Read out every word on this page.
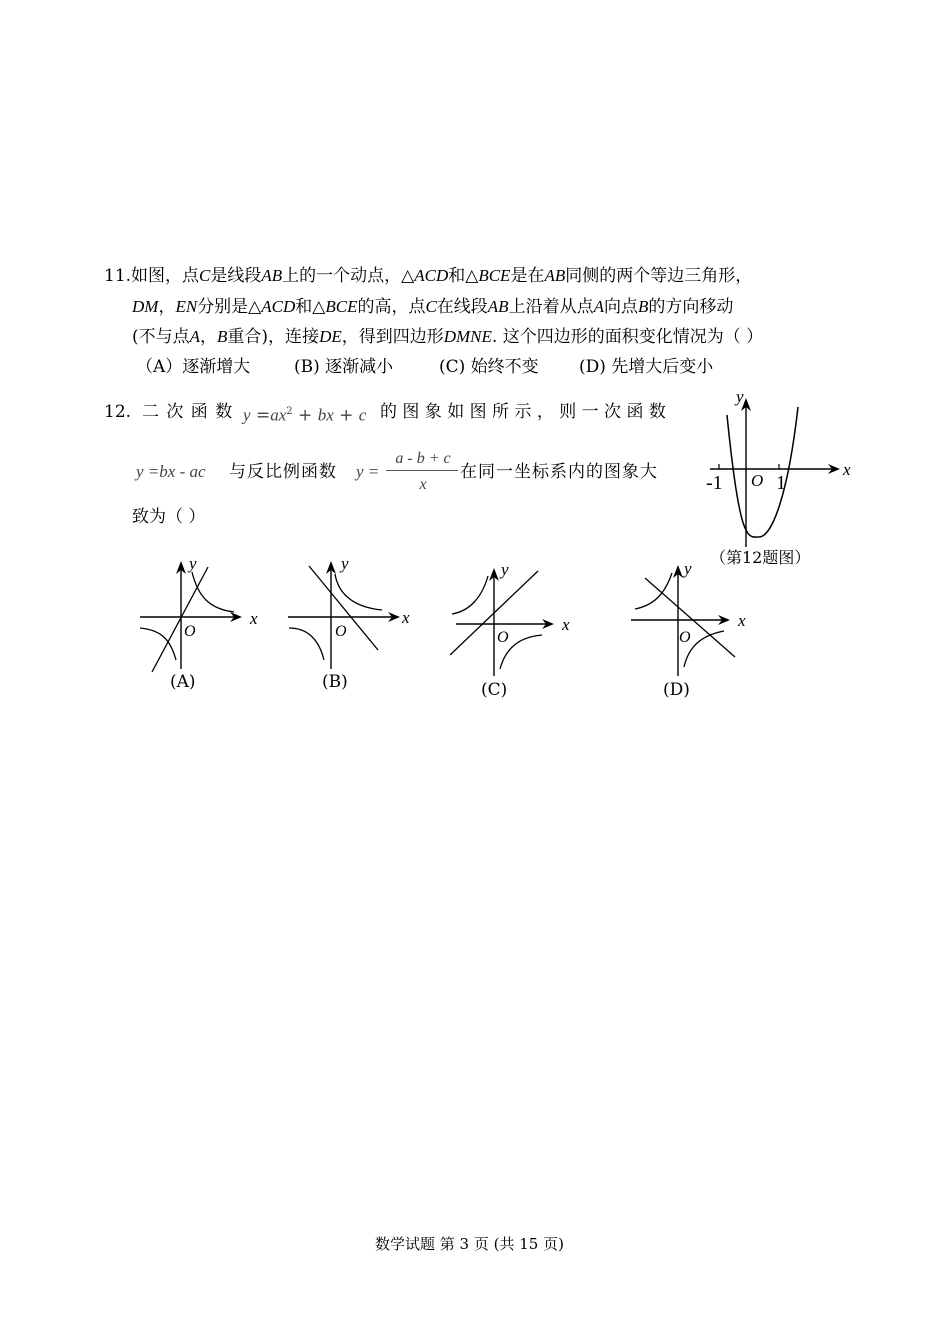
11.如图，点C是线段AB上的一个动点，△ACD和△BCE是在AB同侧的两个等边三角形，
DM，EN分别是△ACD和△BCE的高，点C在线段AB上沿着从点A向点B的方向移动
(不与点A，B重合)，连接DE，得到四边形DMNE. 这个四边形的面积变化情况为（ ）
（A）逐渐增大	(B) 逐渐减小	(C) 始终不变 (D) 先增大后变小
12. 二 次 函 数 $y =ax^2$ + bx + c 的 图 象 如 图 所 示 ， 则 一 次 函 数
y =bx - ac 与反比例函数 y =
a - b + c
x
在同一坐标系内的图象大
致为（ ）
y
x
O
-1	1
（第12题图）
y
x
O
(A)
y
x
O
(B)
y
x
O
(C)
y
x
O
(D)
数学试题 第 3 页 (共 15 页)
